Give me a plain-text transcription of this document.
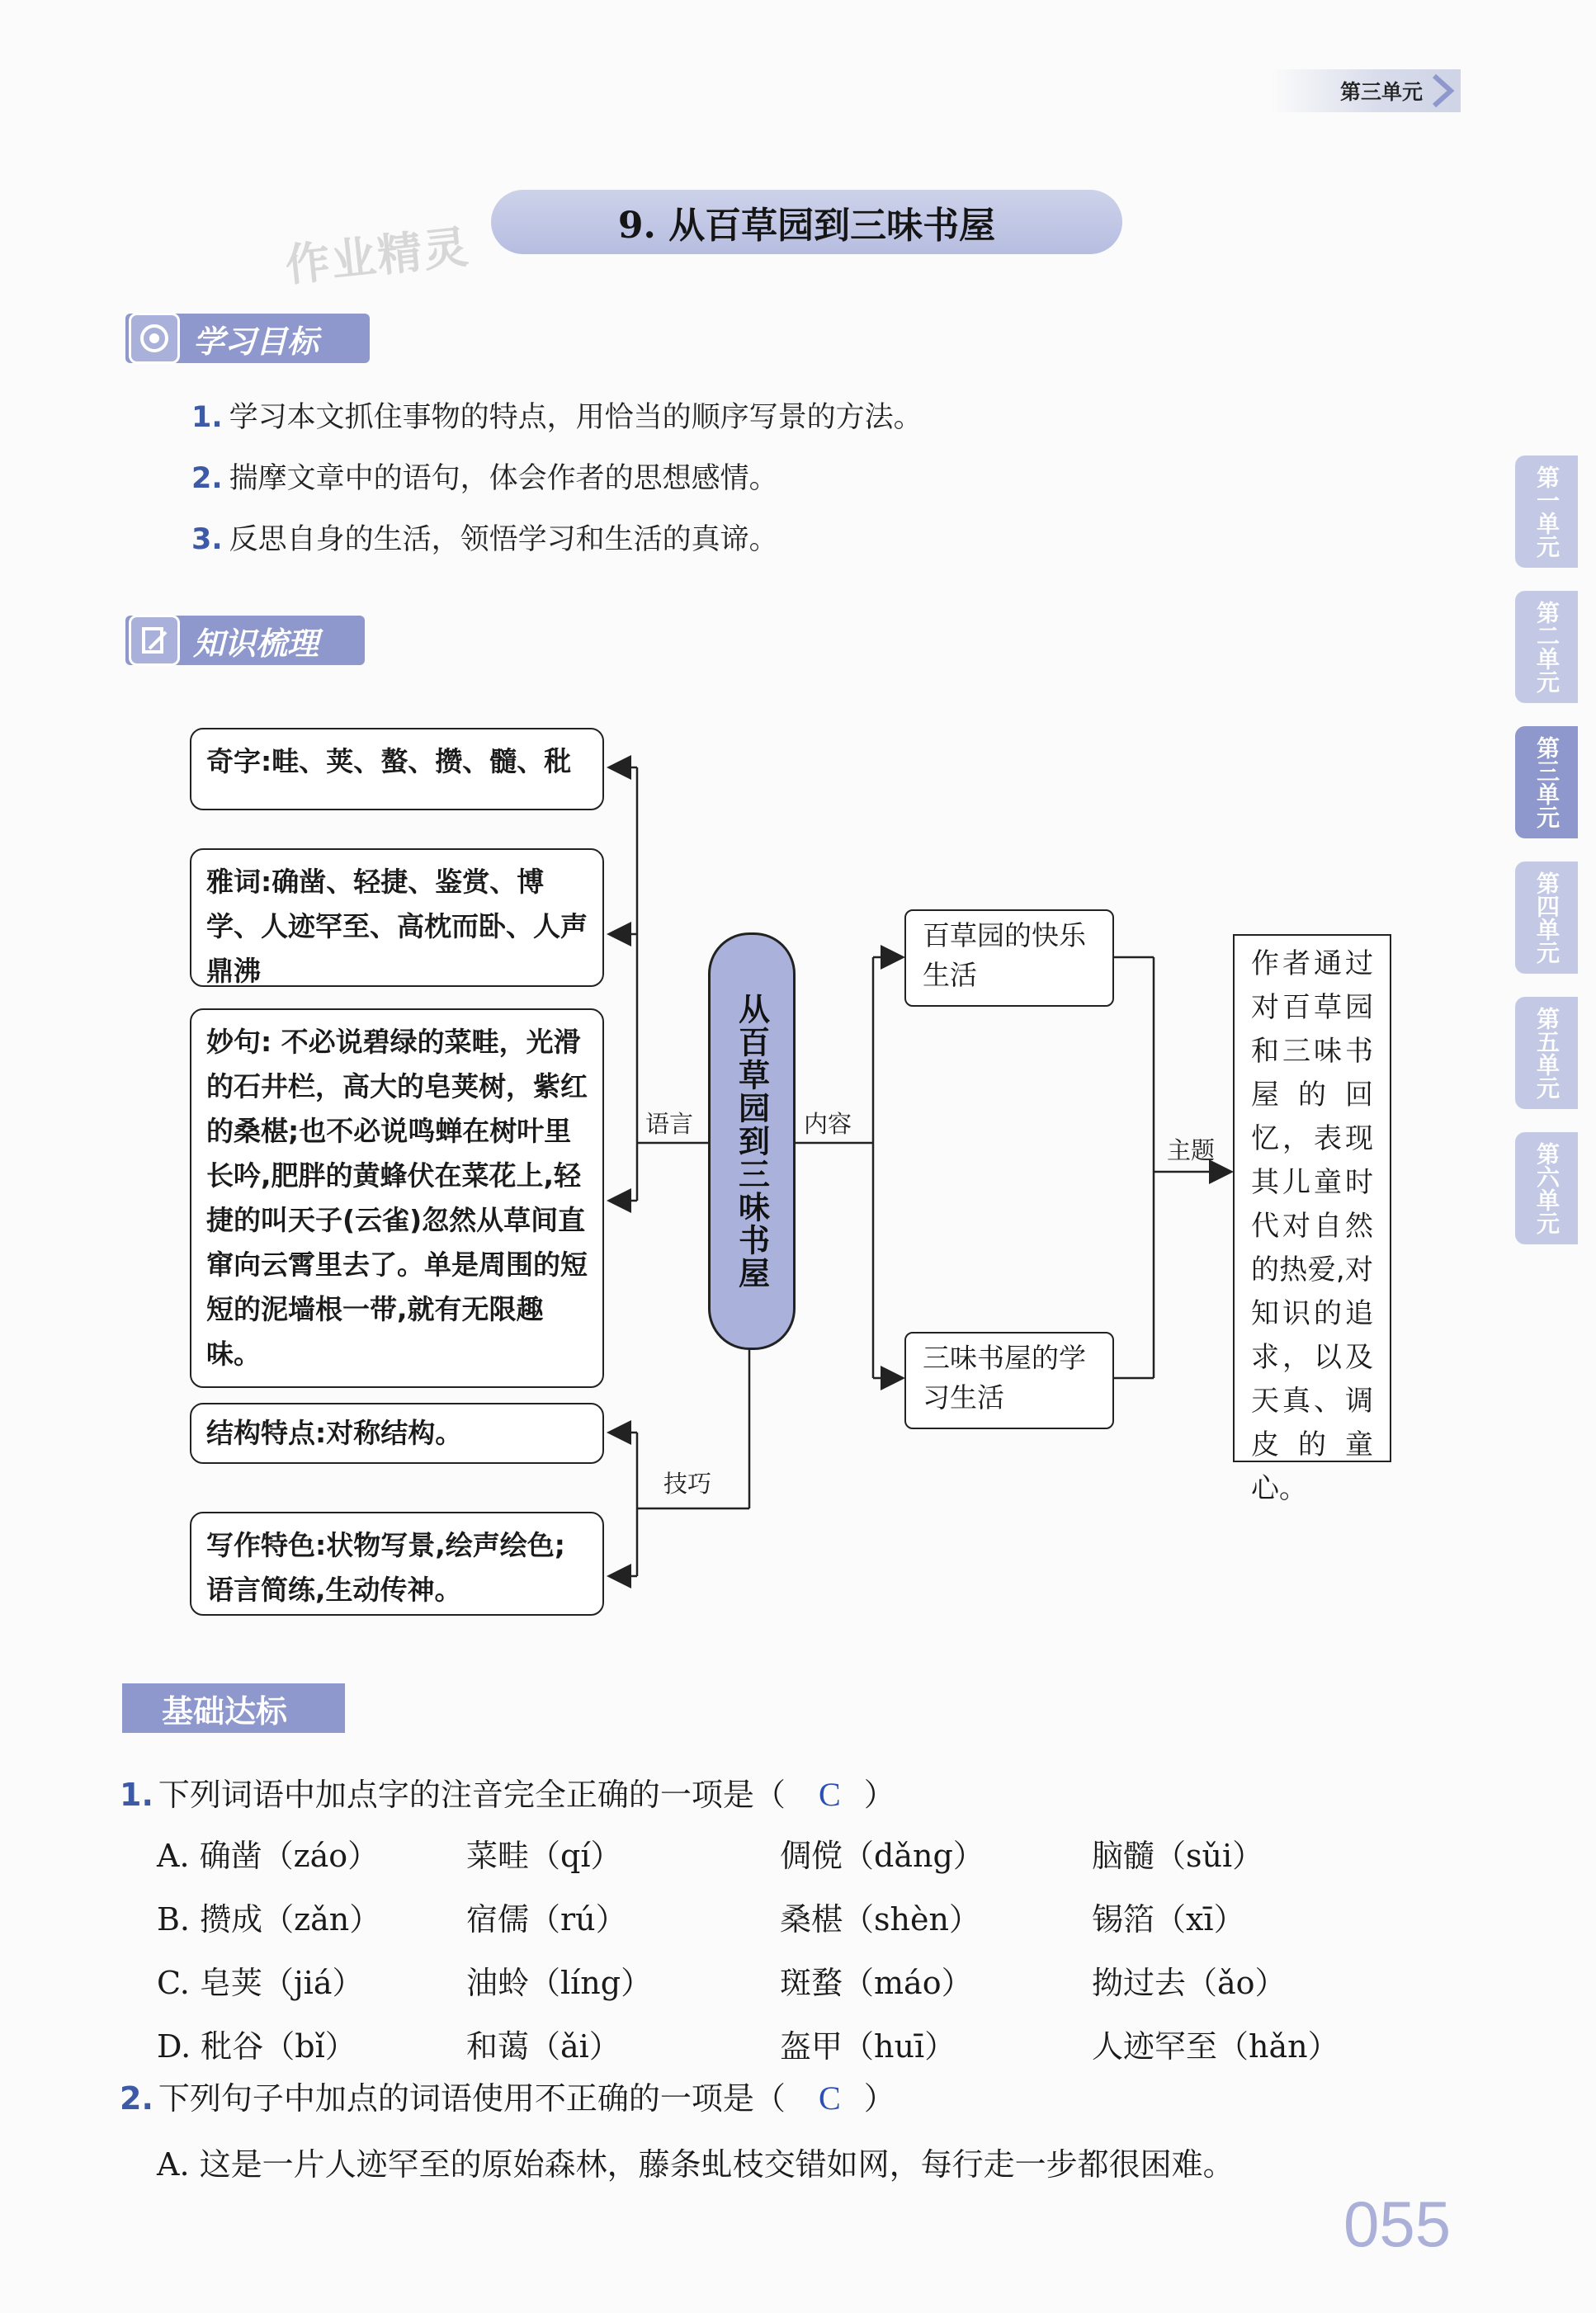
第三单元
9. 从百草园到三味书屋
作业精灵
第一单元
第二单元
第三单元
第四单元
第五单元
第六单元
学习目标
1. 学习本文抓住事物的特点，用恰当的顺序写景的方法。
2. 揣摩文章中的语句，体会作者的思想感情。
3. 反思自身的生活，领悟学习和生活的真谛。
知识梳理
奇字:畦、荚、螯、攒、髓、秕
雅词:确凿、轻捷、鉴赏、博学、人迹罕至、高枕而卧、人声鼎沸
妙句: 不必说碧绿的菜畦，光滑的石井栏，高大的皂荚树，紫红的桑椹;也不必说鸣蝉在树叶里长吟,肥胖的黄蜂伏在菜花上,轻捷的叫天子(云雀)忽然从草间直窜向云霄里去了。单是周围的短短的泥墙根一带,就有无限趣味。
结构特点:对称结构。
写作特色:状物写景,绘声绘色;语言简练,生动传神。
从百草园到三味书屋
语言
技巧
内容
主题
百草园的快乐生活
三味书屋的学习生活
作者通过对百草园和三味书屋的回忆，表现其儿童时代对自然的热爱,对知识的追求，以及天真、调皮的童心。
基础达标
1. 下列词语中加点字的注音完全正确的一项是（ C ）
A. 确凿（záo）	菜畦（qí）	倜傥（dǎng）	脑髓（sǔi）
B. 攒成（zǎn）	宿儒（rú）	桑椹（shèn）	锡箔（xī）
C. 皂荚（jiá）	油蛉（líng）	斑蝥（máo）	拗过去（ǎo）
D. 秕谷（bǐ）	和蔼（ǎi）	盔甲（huī）	人迹罕至（hǎn）
2. 下列句子中加点的词语使用不正确的一项是（ C ）
A. 这是一片人迹罕至的原始森林，藤条虬枝交错如网，每行走一步都很困难。
055
